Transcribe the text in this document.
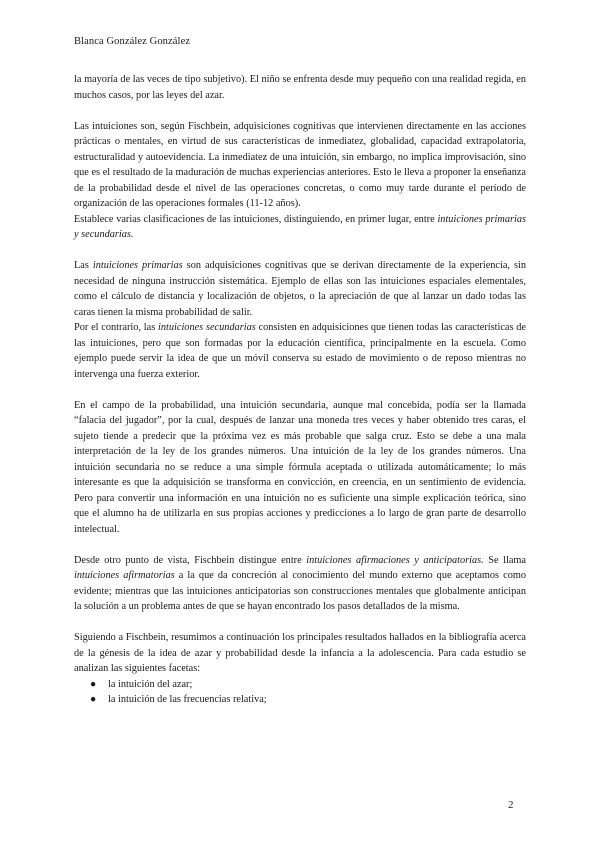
Blanca González González

la mayoría de las veces de tipo subjetivo). El niño se enfrenta desde muy pequeño con una realidad regida, en muchos casos, por las leyes del azar.

Las intuiciones son, según Fischbein, adquisiciones cognitivas que intervienen directamente en las acciones prácticas o mentales, en virtud de sus características de inmediatez, globalidad, capacidad extrapolatoria, estructuralidad y autoevidencia. La inmediatez de una intuición, sin embargo, no implica improvisación, sino que es el resultado de la maduración de muchas experiencias anteriores. Esto le lleva a proponer la enseñanza de la probabilidad desde el nivel de las operaciones concretas, o como muy tarde durante el período de organización de las operaciones formales (11-12 años).

Establece varias clasificaciones de las intuiciones, distinguiendo, en primer lugar, entre intuiciones primarias y secundarias.

Las intuiciones primarias son adquisiciones cognitivas que se derivan directamente de la experiencia, sin necesidad de ninguna instrucción sistemática. Ejemplo de ellas son las intuiciones espaciales elementales, como el cálculo de distancia y localización de objetos, o la apreciación de que al lanzar un dado todas las caras tienen la misma probabilidad de salir.

Por el contrario, las intuiciones secundarias consisten en adquisiciones que tienen todas las características de las intuiciones, pero que son formadas por la educación científica, principalmente en la escuela. Como ejemplo puede servir la idea de que un móvil conserva su estado de movimiento o de reposo mientras no intervenga una fuerza exterior.

En el campo de la probabilidad, una intuición secundaria, aunque mal concebida, podía ser la llamada “falacia del jugador”, por la cual, después de lanzar una moneda tres veces y haber obtenido tres caras, el sujeto tiende a predecir que la próxima vez es más probable que salga cruz. Esto se debe a una mala interpretación de la ley de los grandes números. Una intuición de la ley de los grandes números. Una intuición secundaria no se reduce a una simple fórmula aceptada o utilizada automáticamente; lo más interesante es que la adquisición se transforma en convicción, en creencia, en un sentimiento de evidencia. Pero para convertir una información en una intuición no es suficiente una simple explicación teórica, sino que el alumno ha de utilizarla en sus propias acciones y predicciones a lo largo de gran parte de desarrollo intelectual.

Desde otro punto de vista, Fischbein distingue entre intuiciones afirmaciones y anticipatorias. Se llama intuiciones afirmatorias a la que da concreción al conocimiento del mundo externo que aceptamos como evidente; mientras que las intuiciones anticipatorias son construcciones mentales que globalmente anticipan la solución a un problema antes de que se hayan encontrado los pasos detallados de la misma.

Siguiendo a Fischbein, resumimos a continuación los principales resultados hallados en la bibliografía acerca de la génesis de la idea de azar y probabilidad desde la infancia a la adolescencia. Para cada estudio se analizan las siguientes facetas:

● la intuición del azar;
● la intuición de las frecuencias relativa;
2
